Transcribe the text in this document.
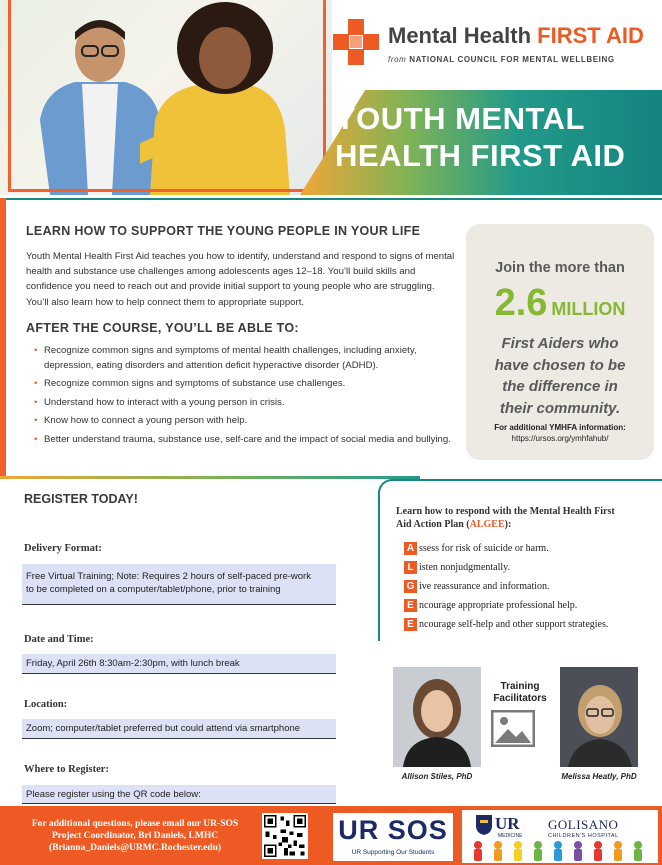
Mental Health FIRST AID
from NATIONAL COUNCIL FOR MENTAL WELLBEING
YOUTH MENTAL
HEALTH FIRST AID
LEARN HOW TO SUPPORT THE YOUNG PEOPLE IN YOUR LIFE
Youth Mental Health First Aid teaches you how to identify, understand and respond to signs of mental health and substance use challenges among adolescents ages 12–18. You’ll build skills and confidence you need to reach out and provide initial support to young people who are struggling. You’ll also learn how to help connect them to appropriate support.
AFTER THE COURSE, YOU’LL BE ABLE TO:
• Recognize common signs and symptoms of mental health challenges, including anxiety, depression, eating disorders and attention deficit hyperactive disorder (ADHD).
• Recognize common signs and symptoms of substance use challenges.
• Understand how to interact with a young person in crisis.
• Know how to connect a young person with help.
• Better understand trauma, substance use, self-care and the impact of social media and bullying.
Join the more than
2.6 MILLION
First Aiders who
have chosen to be
the difference in
their community.
For additional YMHFA information:
https://ursos.org/ymhfahub/
REGISTER TODAY!
Delivery Format:
Free Virtual Training; Note: Requires 2 hours of self-paced pre-work
to be completed on a computer/tablet/phone, prior to training
Date and Time:
Friday, April 26th 8:30am-2:30pm, with lunch break
Location:
Zoom; computer/tablet preferred but could attend via smartphone
Where to Register:
Please register using the QR code below:
Learn how to respond with the Mental Health First
Aid Action Plan (ALGEE):
A ssess for risk of suicide or harm.
L isten nonjudgmentally.
G ive reassurance and information.
E ncourage appropriate professional help.
E ncourage self-help and other support strategies.
Allison Stiles, PhD
Training
Facilitators
Melissa Heatly, PhD
For additional questions, please email our UR-SOS
Project Coordinator, Bri Daniels, LMHC
(Brianna_Daniels@URMC.Rochester.edu)
UR SOS
UR Supporting Our Students
UR
MEDICINE
GOLISANO
CHILDREN'S HOSPITAL
